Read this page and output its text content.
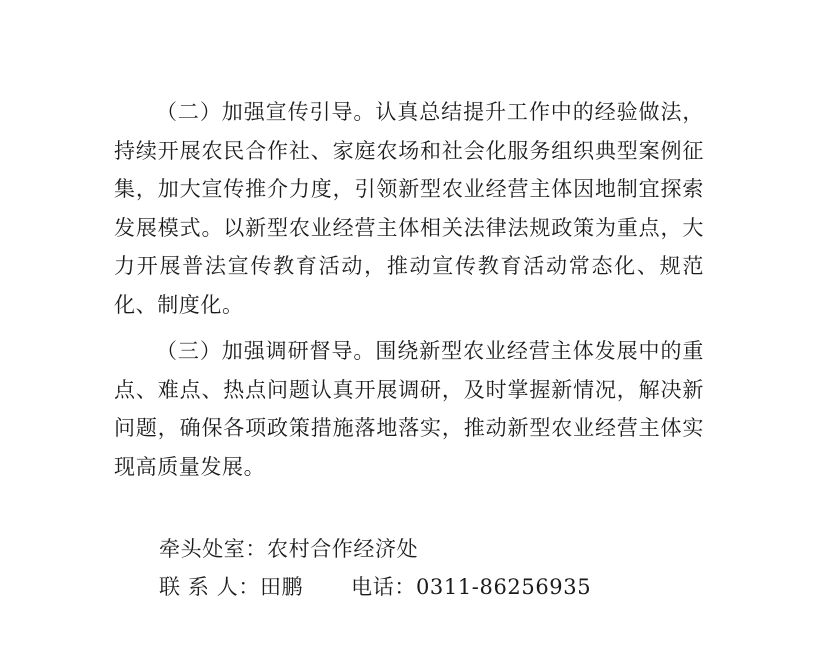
（二）加强宣传引导。认真总结提升工作中的经验做法，持续开展农民合作社、家庭农场和社会化服务组织典型案例征集，加大宣传推介力度，引领新型农业经营主体因地制宜探索发展模式。以新型农业经营主体相关法律法规政策为重点，大力开展普法宣传教育活动，推动宣传教育活动常态化、规范化、制度化。

（三）加强调研督导。围绕新型农业经营主体发展中的重点、难点、热点问题认真开展调研，及时掌握新情况，解决新问题，确保各项政策措施落地落实，推动新型农业经营主体实现高质量发展。

牵头处室：农村合作经济处
联 系 人：田鹏 电话：0311-86256935
